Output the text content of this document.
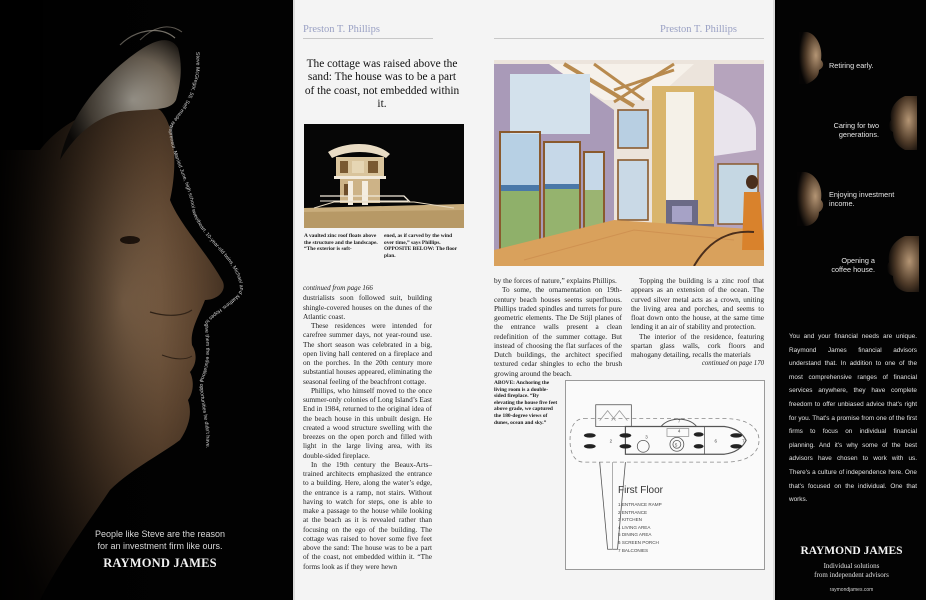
Steve McGregor, 55. Self-made entrepreneur. Married June, high school sweetheart. 10-year-old twins, Michael and Matthew. Hopes to give them the educational opportunities he didn't have.
People like Steve are the reason
for an investment firm like ours.
RAYMOND JAMES
Preston T. Phillips	Preston T. Phillips
The cottage was raised above the sand: The house was to be a part of the coast, not embedded within it.
A vaulted zinc roof floats above the structure and the landscape. “The exterior is soft-
ened, as if carved by the wind over time,” says Phillips. OPPOSITE BELOW: The floor plan.
continued from page 166

dustrialists soon followed suit, building shingle-covered houses on the dunes of the Atlantic coast.

These residences were intended for carefree summer days, not year-round use. The short season was celebrated in a big, open living hall centered on a fireplace and on the porches. In the 20th century more substantial houses appeared, eliminating the seasonal feeling of the beachfront cottage.

Phillips, who himself moved to the once summer-only colonies of Long Island’s East End in 1984, returned to the original idea of the beach house in this unbuilt design. He created a wood structure swelling with the breezes on the open porch and filled with light in the large living area, with its double-sided fireplace.

In the 19th century the Beaux-Arts–trained architects emphasized the entrance to a building. Here, along the water’s edge, the entrance is a ramp, not stairs. Without having to watch for steps, one is able to make a passage to the house while looking at the beach as it is revealed rather than focusing on the ego of the building. The cottage was raised to hover some five feet above the sand: The house was to be a part of the coast, not embedded within it. “The forms look as if they were hewn

by the forces of nature,” explains Phillips.

To some, the ornamentation on 19th-century beach houses seems superfluous. Phillips traded spindles and turrets for pure geometric elements. The De Stijl planes of the entrance walls present a clean redefinition of the summer cottage. But instead of choosing the flat surfaces of the Dutch buildings, the architect specified textured cedar shingles to echo the brush growing around the beach.

ABOVE: Anchoring the living room is a double-sided fireplace. “By elevating the house five feet above grade, we captured the 180-degree views of dunes, ocean and sky.”

Topping the building is a zinc roof that appears as an extension of the ocean. The curved silver metal acts as a crown, uniting the living area and porches, and seems to float down onto the house, at the same time lending it an air of stability and protection.

The interior of the residence, featuring spartan glass walls, cork floors and mahogany detailing, recalls the materials

continued on page 170
2
3
4
5
6
7
7
First Floor
1 ENTRANCE RAMP
2 ENTRANCE
3 KITCHEN
4 LIVING AREA
5 DINING AREA
6 SCREEN PORCH
7 BALCONIES
Retiring early.
Caring for two generations.
Enjoying investment income.
Opening a coffee house.
You and your financial needs are unique. Raymond James financial advisors understand that. In addition to one of the most comprehensive ranges of financial services anywhere, they have complete freedom to offer unbiased advice that's right for you. That's a promise from one of the first firms to focus on individual financial planning. And it's why some of the best advisors have chosen to work with us. There's a culture of independence here. One that's focused on the individual. One that works.
RAYMOND JAMES
Individual solutions
from independent advisors
raymondjames.com
